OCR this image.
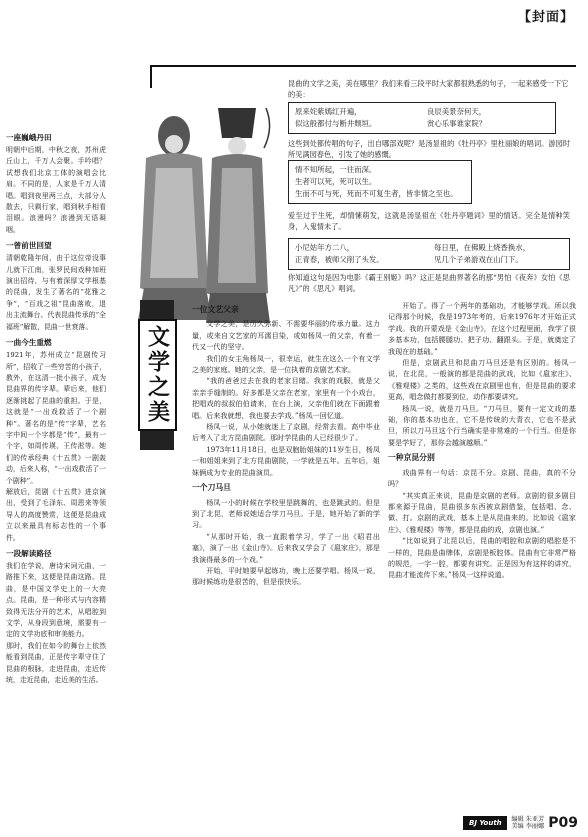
【封面】
一座巍峨丹田
明朝中后期，中秋之夜，苏州虎丘山上，千万人会聚。手吟唱？试想我们北京工体的演唱会比肩。不同的是，人家是千万人清唱。唱到夜里两三点，大部分人散去，只剩行家，唱到秋手相看泪眼。浪漫吗？浪漫到无语凝咽。
一曾前世回望
清朝乾隆年间，由于这位帝没事儿就下江南，张罗民间戏种加班演出招待，与有着深厚文学根基的昆曲，发生了著名的“花雅之争”，“百戏之祖”昆曲落败，退出主流舞台。代表昆曲传承的“全福班”解散，昆曲一世衰落。
一曲今生重燃
1921年，苏州成立“昆剧传习所”，招收了一些穷苦的小孩子，教外，在这清一批小孩子，成为昆曲界的传字辈。辈后来，他们逐渐挑起了昆曲的重担。于是，这就是“一出戏救活了一个剧种”。著名的是“传”字辈，艺名字中间一个字都是“传”，最有一个字，如周传瑛、王传淞等。她们的传承经典《十五贯》一剧轰动，后来人称，“一出戏救活了一个剧种”。
解放后，昆剧《十五贯》进京演出，受到了毛泽东、周恩来等领导人的高度赞赏，这便是昆曲成立以来最具有标志性的一个事件。
一段解读路径
我们在学说，唐诗宋词元曲，一路推下来，这便是昆曲这路。昆曲，是中国文学史上的一大亮点。昆曲，是一种形式与内容精致得无法分开的艺术，从唱腔到文学，从身段到意境，需要有一定的文学功底和审美能力。
那时，我们在如今的舞台上依然能看到昆曲，正是传字辈守住了昆曲的根脉，走进昆曲，走近传统，走近昆曲，走近美的生活。
文学之美
昆曲的文学之美，美在哪里？我们来看三段平时大家都很熟悉的句子，一起来感受一下它的美：
原来姹紫嫣红开遍，	良辰美景奈何天，
似这般都付与断井颓垣。	赏心乐事谁家院？
这些到处都传唱的句子，出自哪部戏呢？是汤显祖的《牡丹亭》里杜丽娘的唱词。游园时所见满园春色，引发了她的感慨。
情不知所起，一往而深。
生者可以死，死可以生。
生而不可与死，死而不可复生者，皆非情之至也。
爱至过于生死，却情愫萌发，这就是汤显祖在《牡丹亭题词》里的情话。完全是情种笑身，入鬼情未了。
小尼姑年方二八，	每日里，在佛殿上烧香换水，
正青春，被师父削了头发。	见几个子弟游戏在山门下。
你知道这句是因为电影《霸王别姬》吗？这正是昆曲界著名的那“男怕《夜奔》女怕《思凡》”的《思凡》唱词。
一位文艺父亲

文学之美，是历久弥新、不需要华丽的传承力量。这力量，或来自文艺家的耳濡目染，或如杨凤一的父亲，有着一代又一代的坚守。

我们的女主角杨凤一，很幸运，就生在这么一个有文学之美的家庭。她的父亲，是一位执着的京剧艺术家。

“我的爸爸过去在我的老家目睹。我家的戏服，就是父亲亲手缝制的。好多都是父亲在老家，家里有一个小戏台，把唱戏的叔叔伯伯请来，在台上演，父亲他们就在下面跟着唱。后来我就想，我也要去学戏。”杨凤一回忆道。

杨凤一说，从小她就迷上了京剧，经常去看。高中毕业后考入了北方昆曲剧院。那时学昆曲的人已经很少了。

1973年11月18日，也是双胞胎姐妹的11岁生日，杨凤一和姐姐来到了北方昆曲剧院，一学就是五年。五年后，姐妹俩成为专业的昆曲演员。

一个刀马旦

杨凤一小的时候在学校里是跳舞的，也是跳武的。但是到了北昆，老师说她适合学刀马旦。于是，她开始了新的学习。

“从那时开始，我一直跟着学习，学了一出《昭君出塞》，演了一出《金山寺》。后来我又学会了《扈家庄》，那是我演得最多的一个戏。”

开始，平时她要早起练功，晚上还要学唱。杨凤一说，那时候练功是很苦的，但是很快乐。

开始了。得了一个两年的基础功，才能够学戏。所以我记得那个时候，我是1973年考的，后来1976年才开始正式学戏。我的开蒙戏是《金山寺》，在这个过程里面，我学了很多基本功，包括腰腿功、把子功、翻跟头。于是，就奠定了我现在的基础。”

但是，京剧武旦和昆曲刀马旦还是有区别的。杨凤一说，在北昆，一般演的都是昆曲的武戏，比如《扈家庄》、《雅观楼》之类的，这些戏在京剧里也有，但是昆曲的要求更高，唱念做打都要到位，动作都要讲究。

杨凤一说，就是刀马旦。“刀马旦，要有一定文戏的基础，你的基本功也在，它不是传统的大青衣，它也不是武旦，所以刀马旦这个行当确实是非常难的一个行当。但是你要是学好了，那你会越演越顺。”

一种京昆分别

戏曲界有一句话：京昆不分。京剧、昆曲，真的不分吗？

“其实真正来说，昆曲是京剧的老师。京剧的很多剧目都来源于昆曲，昆曲很多东西被京剧借鉴，包括唱、念、做、打。京剧的武戏，基本上是从昆曲来的。比如说《扈家庄》、《雅观楼》等等，都是昆曲的戏，京剧也演。”

“比如说到了北昆以后，昆曲的唱腔和京剧的唱腔是不一样的，昆曲是曲牌体，京剧是板腔体。昆曲有它非常严格的规范，一字一腔，都要有讲究。正是因为有这样的讲究，昆曲才能流传下来。”杨凤一这样说道。

BJ Youth	编辑 朱亚芳
美编 李丽娜 P09
